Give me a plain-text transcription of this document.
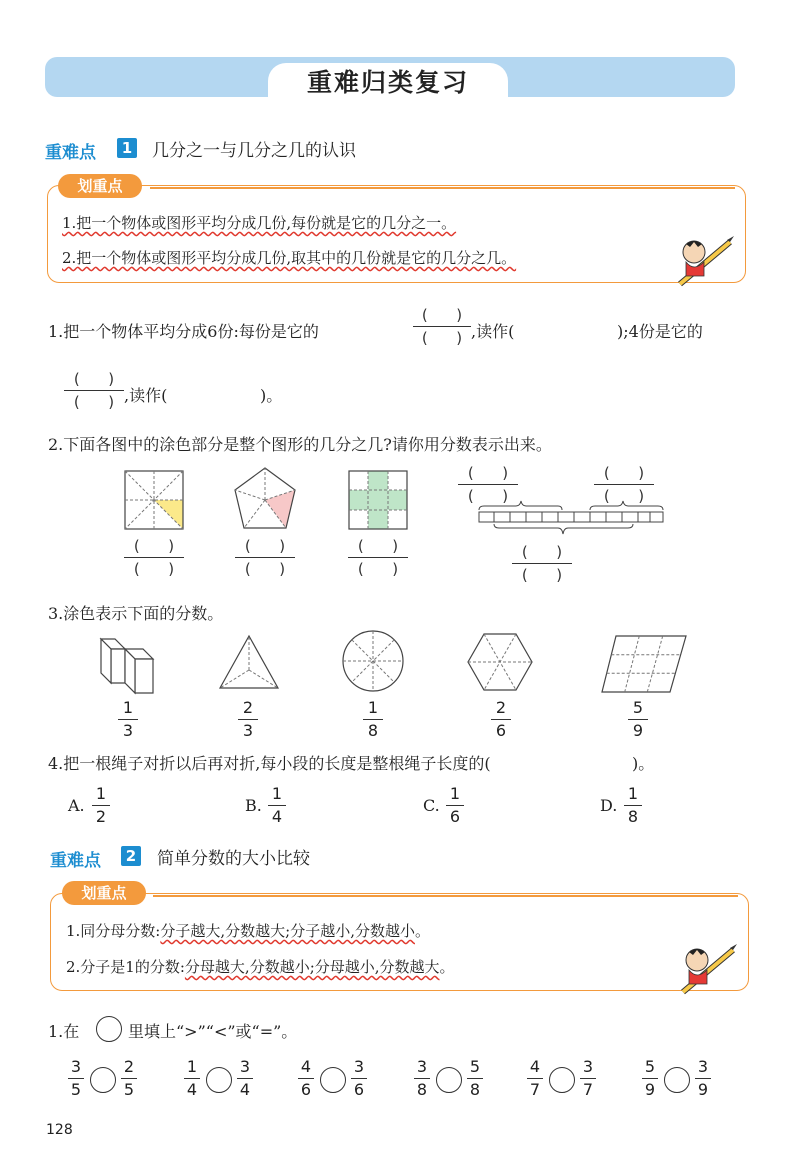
重难归类复习
重难点	1 几分之一与几分之几的认识
划重点
1.把一个物体或图形平均分成几份,每份就是它的几分之一。
2.把一个物体或图形平均分成几份,取其中的几份就是它的几分之几。
1.把一个物体平均分成6份:每份是它的
( )
( ) ,读作(	);4份是它的
( )
( ) ,读作(	)。
2.下面各图中的涂色部分是整个图形的几分之几?请你用分数表示出来。
( )
( )
( )
( )
( )
( )
( )
( )
( )
( )
( )
( )
3.涂色表示下面的分数。
1
3
2
3
1
8
2
6
5
9
4.把一根绳子对折以后再对折,每小段的长度是整根绳子长度的(	)。
A.
1
2
B.
1
4
C.
1
6
D.
1
8
重难点	2 简单分数的大小比较
划重点
1.同分母分数:分子越大,分数越大;分子越小,分数越小。
2.分子是1的分数:分母越大,分数越小;分母越小,分数越大。
1.在	里填上“>”“<”或“=”。
3
5
2
5
1
4
3
4
4
6
3
6
3
8
5
8
4
7
3
7
5
9
3
9
128
